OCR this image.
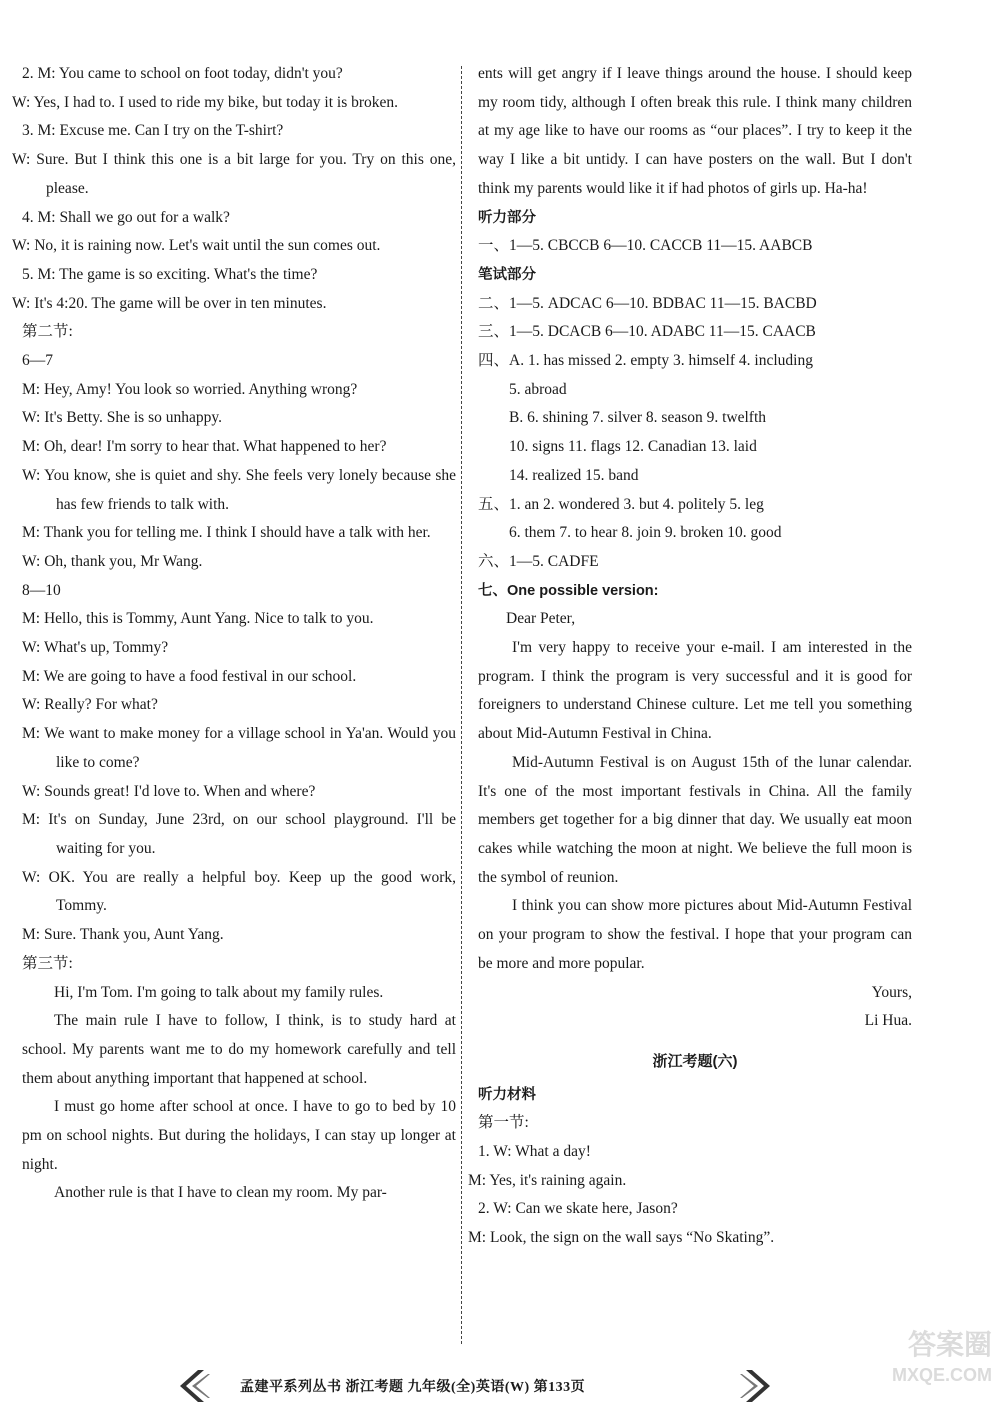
2. M: You came to school on foot today, didn't you?

W: Yes, I had to. I used to ride my bike, but today it is broken.

3. M: Excuse me. Can I try on the T-shirt?

W: Sure. But I think this one is a bit large for you. Try on this one, please.

4. M: Shall we go out for a walk?

W: No, it is raining now. Let's wait until the sun comes out.

5. M: The game is so exciting. What's the time?

W: It's 4:20. The game will be over in ten minutes.

第二节:

6—7

M: Hey, Amy! You look so worried. Anything wrong?

W: It's Betty. She is so unhappy.

M: Oh, dear! I'm sorry to hear that. What happened to her?

W: You know, she is quiet and shy. She feels very lonely because she has few friends to talk with.

M: Thank you for telling me. I think I should have a talk with her.

W: Oh, thank you, Mr Wang.

8—10

M: Hello, this is Tommy, Aunt Yang. Nice to talk to you.

W: What's up, Tommy?

M: We are going to have a food festival in our school.

W: Really? For what?

M: We want to make money for a village school in Ya'an. Would you like to come?

W: Sounds great! I'd love to. When and where?

M: It's on Sunday, June 23rd, on our school playground. I'll be waiting for you.

W: OK. You are really a helpful boy. Keep up the good work, Tommy.

M: Sure. Thank you, Aunt Yang.

第三节:

Hi, I'm Tom. I'm going to talk about my family rules.

The main rule I have to follow, I think, is to study hard at school. My parents want me to do my homework carefully and tell them about anything important that happened at school.

I must go home after school at once. I have to go to bed by 10 pm on school nights. But during the holidays, I can stay up longer at night.

Another rule is that I have to clean my room. My par-

ents will get angry if I leave things around the house. I should keep my room tidy, although I often break this rule. I think many children at my age like to have our rooms as “our places”. I try to keep it the way I like a bit untidy. I can have posters on the wall. But I don't think my parents would like it if had photos of girls up. Ha-ha!

听力部分

一、1—5. CBCCB 6—10. CACCB 11—15. AABCB

笔试部分

二、1—5. ADCAC 6—10. BDBAC 11—15. BACBD

三、1—5. DCACB 6—10. ADABC 11—15. CAACB

四、A. 1. has missed 2. empty 3. himself 4. including

5. abroad

B. 6. shining 7. silver 8. season 9. twelfth

10. signs 11. flags 12. Canadian 13. laid

14. realized 15. band

五、1. an 2. wondered 3. but 4. politely 5. leg

6. them 7. to hear 8. join 9. broken 10. good

六、1—5. CADFE

七、One possible version:

Dear Peter,

I'm very happy to receive your e-mail. I am interested in the program. I think the program is very successful and it is good for foreigners to understand Chinese culture. Let me tell you something about Mid-Autumn Festival in China.

Mid-Autumn Festival is on August 15th of the lunar calendar. It's one of the most important festivals in China. All the family members get together for a big dinner that day. We usually eat moon cakes while watching the moon at night. We believe the full moon is the symbol of reunion.

I think you can show more pictures about Mid-Autumn Festival on your program to show the festival. I hope that your program can be more and more popular.

Yours,

Li Hua.

浙江考题(六)

听力材料

第一节:

1. W: What a day!

M: Yes, it's raining again.

2. W: Can we skate here, Jason?

M: Look, the sign on the wall says “No Skating”.

孟建平系列丛书 浙江考题 九年级(全)英语(W) 第133页
答案圈
MXQE.COM
